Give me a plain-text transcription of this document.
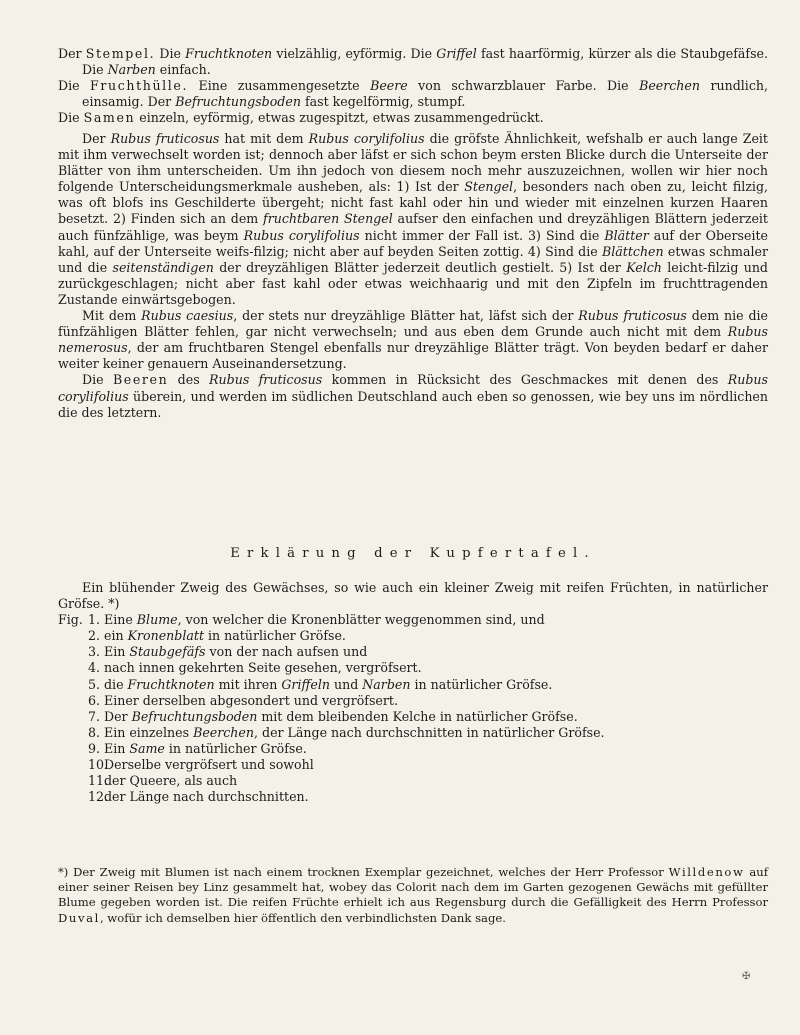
Der Stempel. Die Fruchtknoten vielzählig, eyförmig. Die Griffel fast haarförmig, kürzer als die Staubgefäfse. Die Narben einfach.

Die Fruchthülle. Eine zusammengesetzte Beere von schwarzblauer Farbe. Die Beerchen rundlich, einsamig. Der Befruchtungsboden fast kegelförmig, stumpf.

Die Samen einzeln, eyförmig, etwas zugespitzt, etwas zusammengedrückt.

Der Rubus fruticosus hat mit dem Rubus corylifolius die gröfste Ähnlichkeit, wefshalb er auch lange Zeit mit ihm verwechselt worden ist; dennoch aber läfst er sich schon beym ersten Blicke durch die Unterseite der Blätter von ihm unterscheiden. Um ihn jedoch von diesem noch mehr auszuzeichnen, wollen wir hier noch folgende Unterscheidungsmerkmale ausheben, als: 1) Ist der Stengel, besonders nach oben zu, leicht filzig, was oft blofs ins Geschilderte übergeht; nicht fast kahl oder hin und wieder mit einzelnen kurzen Haaren besetzt. 2) Finden sich an dem fruchtbaren Stengel aufser den einfachen und dreyzähligen Blättern jederzeit auch fünfzählige, was beym Rubus corylifolius nicht immer der Fall ist. 3) Sind die Blätter auf der Oberseite kahl, auf der Unterseite weifs-filzig; nicht aber auf beyden Seiten zottig. 4) Sind die Blättchen etwas schmaler und die seitenständigen der dreyzähligen Blätter jederzeit deutlich gestielt. 5) Ist der Kelch leicht-filzig und zurückgeschlagen; nicht aber fast kahl oder etwas weichhaarig und mit den Zipfeln im fruchttragenden Zustande einwärtsgebogen.

Mit dem Rubus caesius, der stets nur dreyzählige Blätter hat, läfst sich der Rubus fruticosus dem nie die fünfzähligen Blätter fehlen, gar nicht verwechseln; und aus eben dem Grunde auch nicht mit dem Rubus nemerosus, der am fruchtbaren Stengel ebenfalls nur dreyzählige Blätter trägt. Von beyden bedarf er daher weiter keiner genauern Auseinandersetzung.

Die Beeren des Rubus fruticosus kommen in Rücksicht des Geschmackes mit denen des Rubus corylifolius überein, und werden im südlichen Deutschland auch eben so genossen, wie bey uns im nördlichen die des letztern.

Erklärung der Kupfertafel.

Ein blühender Zweig des Gewächses, so wie auch ein kleiner Zweig mit reifen Früchten, in natürlicher Gröfse. *)

Fig. 1. Eine Blume, von welcher die Kronenblätter weggenommen sind, und
2. ein Kronenblatt in natürlicher Gröfse.
3. Ein Staubgefäfs von der nach aufsen und
4. nach innen gekehrten Seite gesehen, vergröfsert.
5. die Fruchtknoten mit ihren Griffeln und Narben in natürlicher Gröfse.
6. Einer derselben abgesondert und vergröfsert.
7. Der Befruchtungsboden mit dem bleibenden Kelche in natürlicher Gröfse.
8. Ein einzelnes Beerchen, der Länge nach durchschnitten in natürlicher Gröfse.
9. Ein Same in natürlicher Gröfse.
10.
Derselbe vergröfsert und sowohl
11.
der Queere, als auch
12.
der Länge nach durchschnitten.

*) Der Zweig mit Blumen ist nach einem trocknen Exemplar gezeichnet, welches der Herr Professor Willdenow auf einer seiner Reisen bey Linz gesammelt hat, wobey das Colorit nach dem im Garten gezogenen Gewächs mit gefüllter Blume gegeben worden ist. Die reifen Früchte erhielt ich aus Regensburg durch die Gefälligkeit des Herrn Professor Duval, wofür ich demselben hier öffentlich den verbindlichsten Dank sage.

✠
